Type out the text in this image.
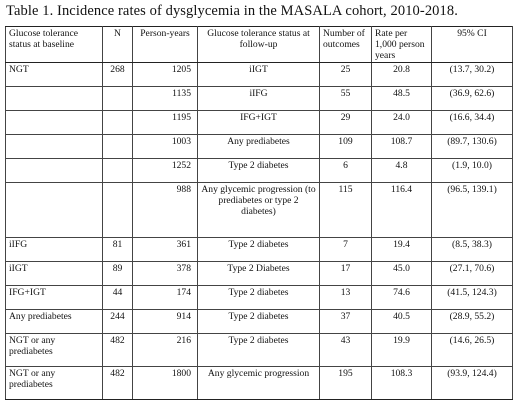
Table 1. Incidence rates of dysglycemia in the MASALA cohort, 2010-2018.
Glucose tolerance status at baseline	N	Person-years	Glucose tolerance status at follow-up	Number of outcomes	Rate per 1,000 person years	95% CI
NGT	268	1205	iIGT	25	20.8	(13.7, 30.2)
		1135	iIFG	55	48.5	(36.9, 62.6)
		1195	IFG+IGT	29	24.0	(16.6, 34.4)
		1003	Any prediabetes	109	108.7	(89.7, 130.6)
		1252	Type 2 diabetes	6	4.8	(1.9, 10.0)
		988	Any glycemic progression (to prediabetes or type 2 diabetes)	115	116.4	(96.5, 139.1)
iIFG	81	361	Type 2 diabetes	7	19.4	(8.5, 38.3)
iIGT	89	378	Type 2 Diabetes	17	45.0	(27.1, 70.6)
IFG+IGT	44	174	Type 2 diabetes	13	74.6	(41.5, 124.3)
Any prediabetes	244	914	Type 2 diabetes	37	40.5	(28.9, 55.2)
NGT or any prediabetes	482	216	Type 2 diabetes	43	19.9	(14.6, 26.5)
NGT or any prediabetes	482	1800	Any glycemic progression	195	108.3	(93.9, 124.4)
